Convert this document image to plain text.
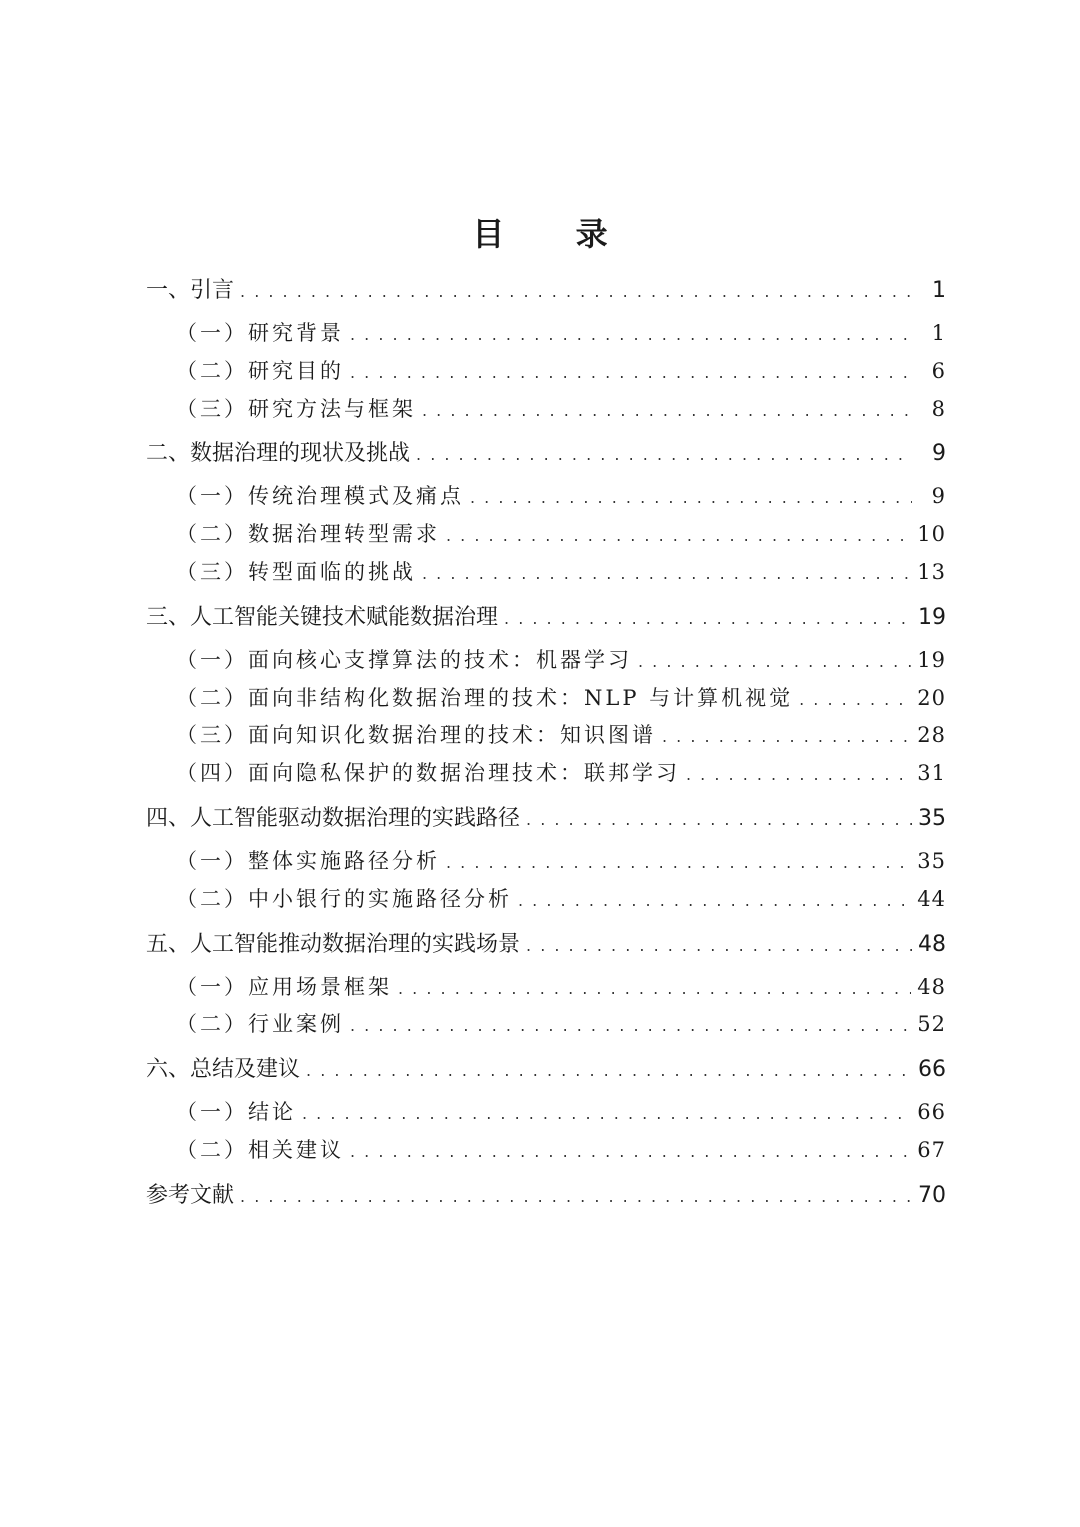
目 录
一、引言 . . .	1
（一）研究背景 . . .	1
（二）研究目的 . . .	6
（三）研究方法与框架 . . .	8
二、数据治理的现状及挑战 . . .	9
（一）传统治理模式及痛点 . . .	9
（二）数据治理转型需求 . . .	10
（三）转型面临的挑战 . . .	13
三、人工智能关键技术赋能数据治理 . . .	19
（一）面向核心支撑算法的技术：机器学习 . . .	19
（二）面向非结构化数据治理的技术：NLP 与计算机视觉 . . .	20
（三）面向知识化数据治理的技术：知识图谱 . . .	28
（四）面向隐私保护的数据治理技术：联邦学习 . . .	31
四、人工智能驱动数据治理的实践路径 . . .	35
（一）整体实施路径分析 . . .	35
（二）中小银行的实施路径分析 . . .	44
五、人工智能推动数据治理的实践场景 . . .	48
（一）应用场景框架 . . .	48
（二）行业案例 . . .	52
六、总结及建议 . . .	66
（一）结论 . . .	66
（二）相关建议 . . .	67
参考文献 . . .	70
